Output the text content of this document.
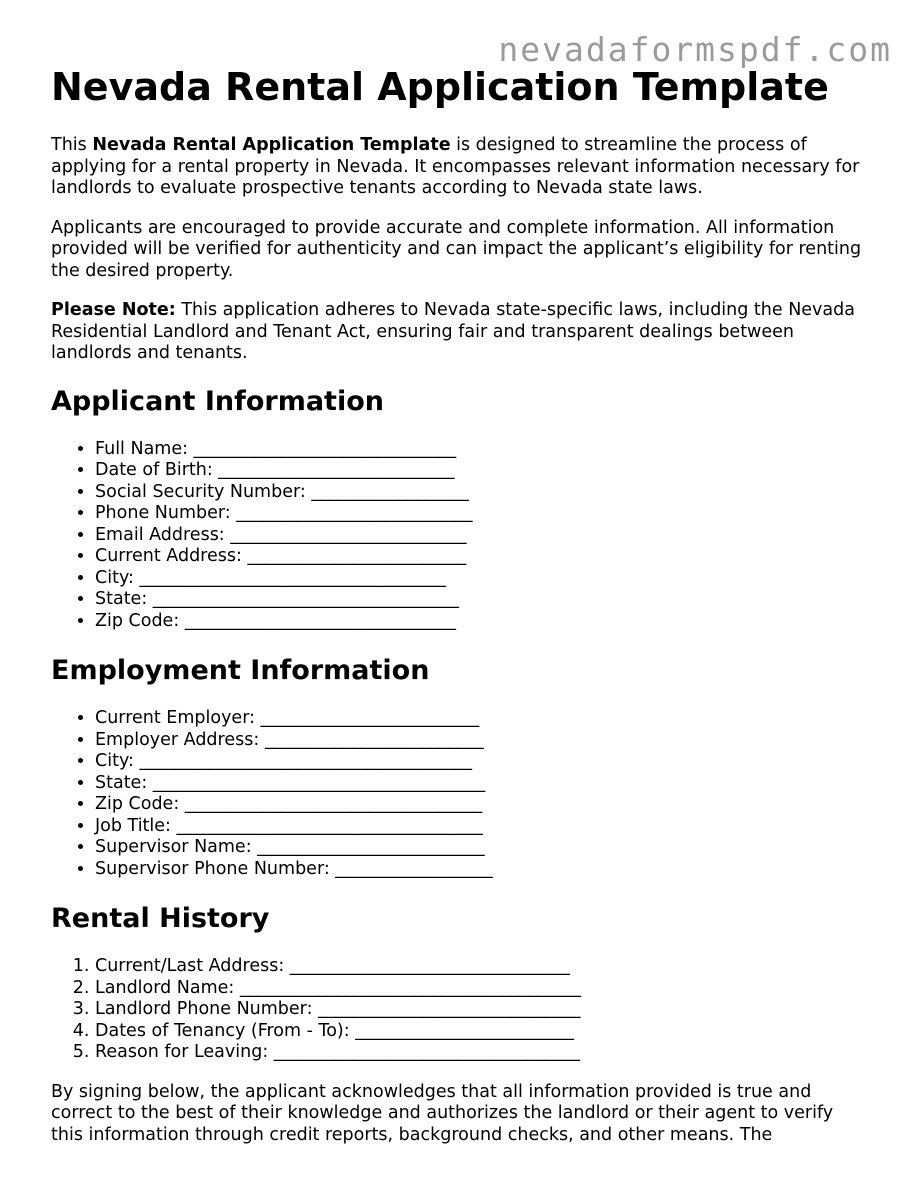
nevadaformspdf.com
Nevada Rental Application Template

This Nevada Rental Application Template is designed to streamline the process of applying for a rental property in Nevada. It encompasses relevant information necessary for landlords to evaluate prospective tenants according to Nevada state laws.

Applicants are encouraged to provide accurate and complete information. All information provided will be verified for authenticity and can impact the applicant’s eligibility for renting the desired property.

Please Note: This application adheres to Nevada state-specific laws, including the Nevada Residential Landlord and Tenant Act, ensuring fair and transparent dealings between landlords and tenants.

Applicant Information
• Full Name: ______________________________
• Date of Birth: ___________________________
• Social Security Number: __________________
• Phone Number: ___________________________
• Email Address: ___________________________
• Current Address: _________________________
• City: ___________________________________
• State: ___________________________________
• Zip Code: _______________________________
Employment Information
• Current Employer: _________________________
• Employer Address: _________________________
• City: ______________________________________
• State: ______________________________________
• Zip Code: __________________________________
• Job Title: ___________________________________
• Supervisor Name: __________________________
• Supervisor Phone Number: __________________
Rental History
1. Current/Last Address: ________________________________
2. Landlord Name: _______________________________________
3. Landlord Phone Number: ______________________________
4. Dates of Tenancy (From - To): _________________________
5. Reason for Leaving: ___________________________________

By signing below, the applicant acknowledges that all information provided is true and correct to the best of their knowledge and authorizes the landlord or their agent to verify this information through credit reports, background checks, and other means. The
